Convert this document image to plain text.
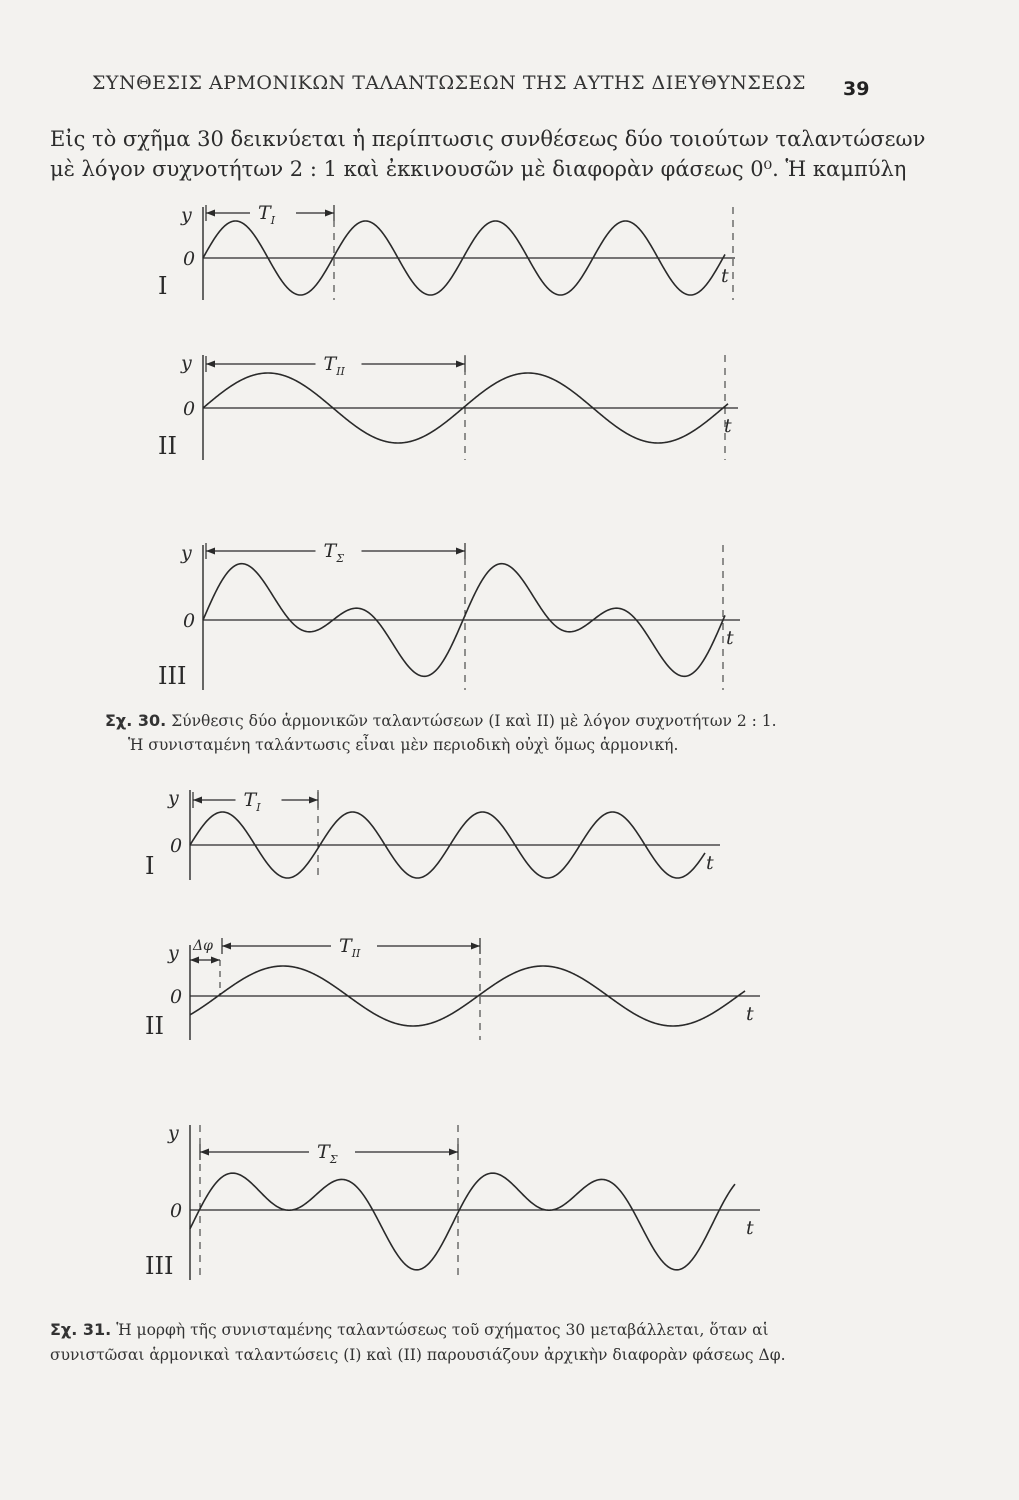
ΣΥΝΘΕΣΙΣ ΑΡΜΟΝΙΚΩΝ ΤΑΛΑΝΤΩΣΕΩΝ ΤΗΣ ΑΥΤΗΣ ΔΙΕΥΘΥΝΣΕΩΣ 39
Εἰς τὸ σχῆμα 30 δεικνύεται ἡ περίπτωσις συνθέσεως δύο τοιούτων ταλαντώσεων
μὲ λόγον συχνοτήτων 2 : 1 καὶ ἐκκινουσῶν μὲ διαφορὰν φάσεως 0⁰. Ἡ καμπύλη
y
0
t
I
$T_I$
y
0
t
II
$T_{II}$
y
0
t
III
$T_\Sigma$
y
0
t
I
$T_I$
y
0
t
II
$T_{II}$
Δφ
y
0
t
III
$T_\Sigma$
Σχ. 30. Σύνθεσις δύο ἁρμονικῶν ταλαντώσεων (I καὶ II) μὲ λόγον συχνοτήτων 2 : 1.
Ἡ συνισταμένη ταλάντωσις εἶναι μὲν περιοδικὴ οὐχὶ ὅμως ἁρμονική.
Σχ. 31. Ἡ μορφὴ τῆς συνισταμένης ταλαντώσεως τοῦ σχήματος 30 μεταβάλλεται, ὅταν αἱ
συνιστῶσαι ἁρμονικαὶ ταλαντώσεις (I) καὶ (II) παρουσιάζουν ἀρχικὴν διαφορὰν φάσεως Δφ.
